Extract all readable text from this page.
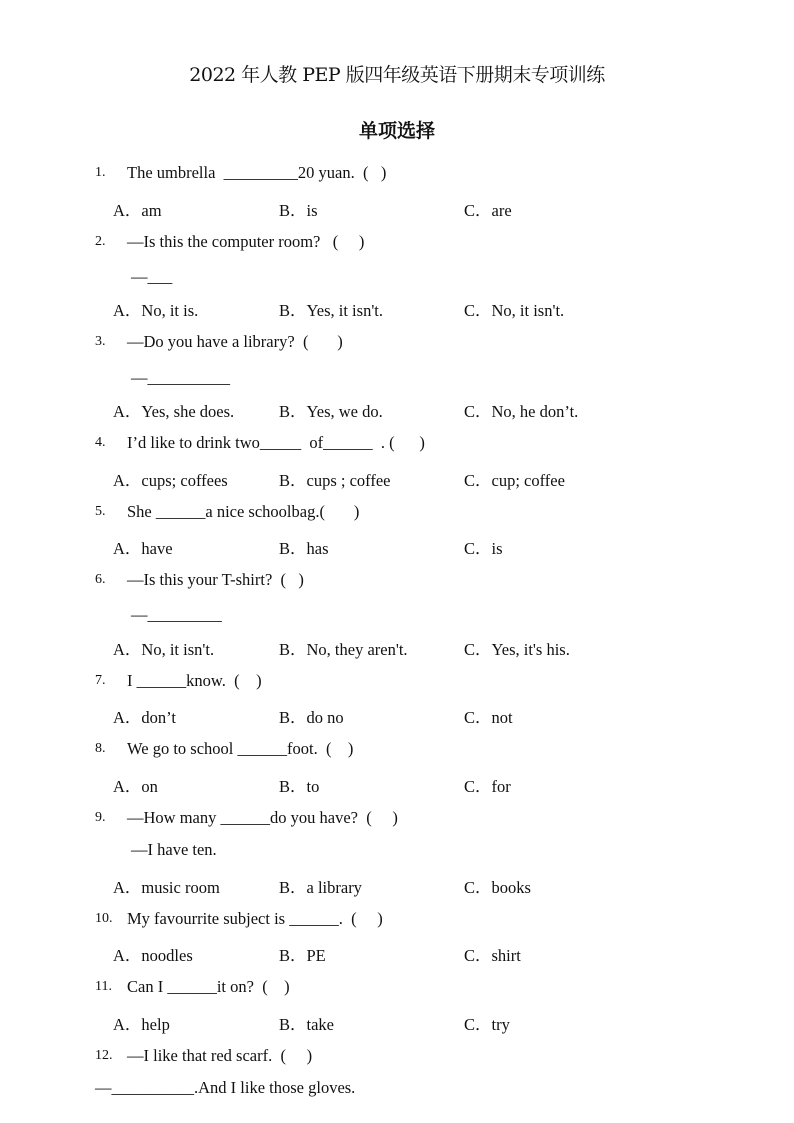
2022 年人教 PEP 版四年级英语下册期末专项训练
单项选择
1. The umbrella  _________20 yuan.  (   )
A．am	B．is	C．are
2. —Is this the computer room?   (     )
—___
A．No, it is.	B．Yes, it isn't.	C．No, it isn't.
3. —Do you have a library?  (       )
—__________
A．Yes, she does.	B．Yes, we do.	C．No, he don’t.
4. I’d like to drink two_____  of______  . (      )
A．cups; coffees	B．cups ; coffee	C．cup; coffee
5. She ______a nice schoolbag.(       )
A．have	B．has	C．is
6. —Is this your T-shirt?  (   )
—_________
A．No, it isn't.	B．No, they aren't.	C．Yes, it's his.
7. I ______know.  (    )
A．don’t	B．do no	C．not
8. We go to school ______foot.  (    )
A．on	B．to	C．for
9. —How many ______do you have?  (     )
—I have ten.
A．music room	B．a library	C．books
10. My favourrite subject is ______.  (     )
A．noodles	B．PE	C．shirt
11. Can I ______it on?  (    )
A．help	B．take	C．try
12. —I like that red scarf.  (     )
—__________.And I like those gloves.
